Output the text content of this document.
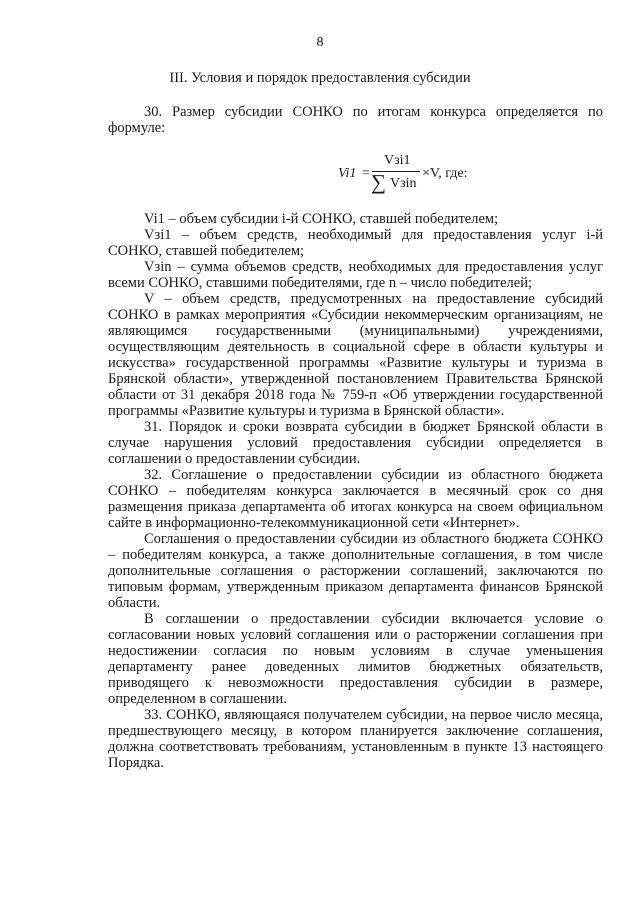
8
III. Условия и порядок предоставления субсидии
30. Размер субсидии СОНКО по итогам конкурса определяется по формуле:
Vi1 =
Vзi1
∑ Vзin
×V, где:
Vi1 – объем субсидии i-й СОНКО, ставшей победителем;
Vзi1 – объем средств, необходимый для предоставления услуг i-й СОНКО, ставшей победителем;
Vзin – сумма объемов средств, необходимых для предоставления услуг всеми СОНКО, ставшими победителями, где n – число победителей;
V – объем средств, предусмотренных на предоставление субсидий СОНКО в рамках мероприятия «Субсидии некоммерческим организациям, не являющимся государственными (муниципальными) учреждениями, осуществляющим деятельность в социальной сфере в области культуры и искусства» государственной программы «Развитие культуры и туризма в Брянской области», утвержденной постановлением Правительства Брянской области от 31 декабря 2018 года № 759-п «Об утверждении государственной программы «Развитие культуры и туризма в Брянской области».
31. Порядок и сроки возврата субсидии в бюджет Брянской области в случае нарушения условий предоставления субсидии определяется в соглашении о предоставлении субсидии.
32. Соглашение о предоставлении субсидии из областного бюджета СОНКО – победителям конкурса заключается в месячный срок со дня размещения приказа департамента об итогах конкурса на своем официальном сайте в информационно-телекоммуникационной сети «Интернет».
Соглашения о предоставлении субсидии из областного бюджета СОНКО – победителям конкурса, а также дополнительные соглашения, в том числе дополнительные соглашения о расторжении соглашений, заключаются по типовым формам, утвержденным приказом департамента финансов Брянской области.
В соглашении о предоставлении субсидии включается условие о согласовании новых условий соглашения или о расторжении соглашения при недостижении согласия по новым условиям в случае уменьшения департаменту ранее доведенных лимитов бюджетных обязательств, приводящего к невозможности предоставления субсидии в размере, определенном в соглашении.
33. СОНКО, являющаяся получателем субсидии, на первое число месяца, предшествующего месяцу, в котором планируется заключение соглашения, должна соответствовать требованиям, установленным в пункте 13 настоящего Порядка.
